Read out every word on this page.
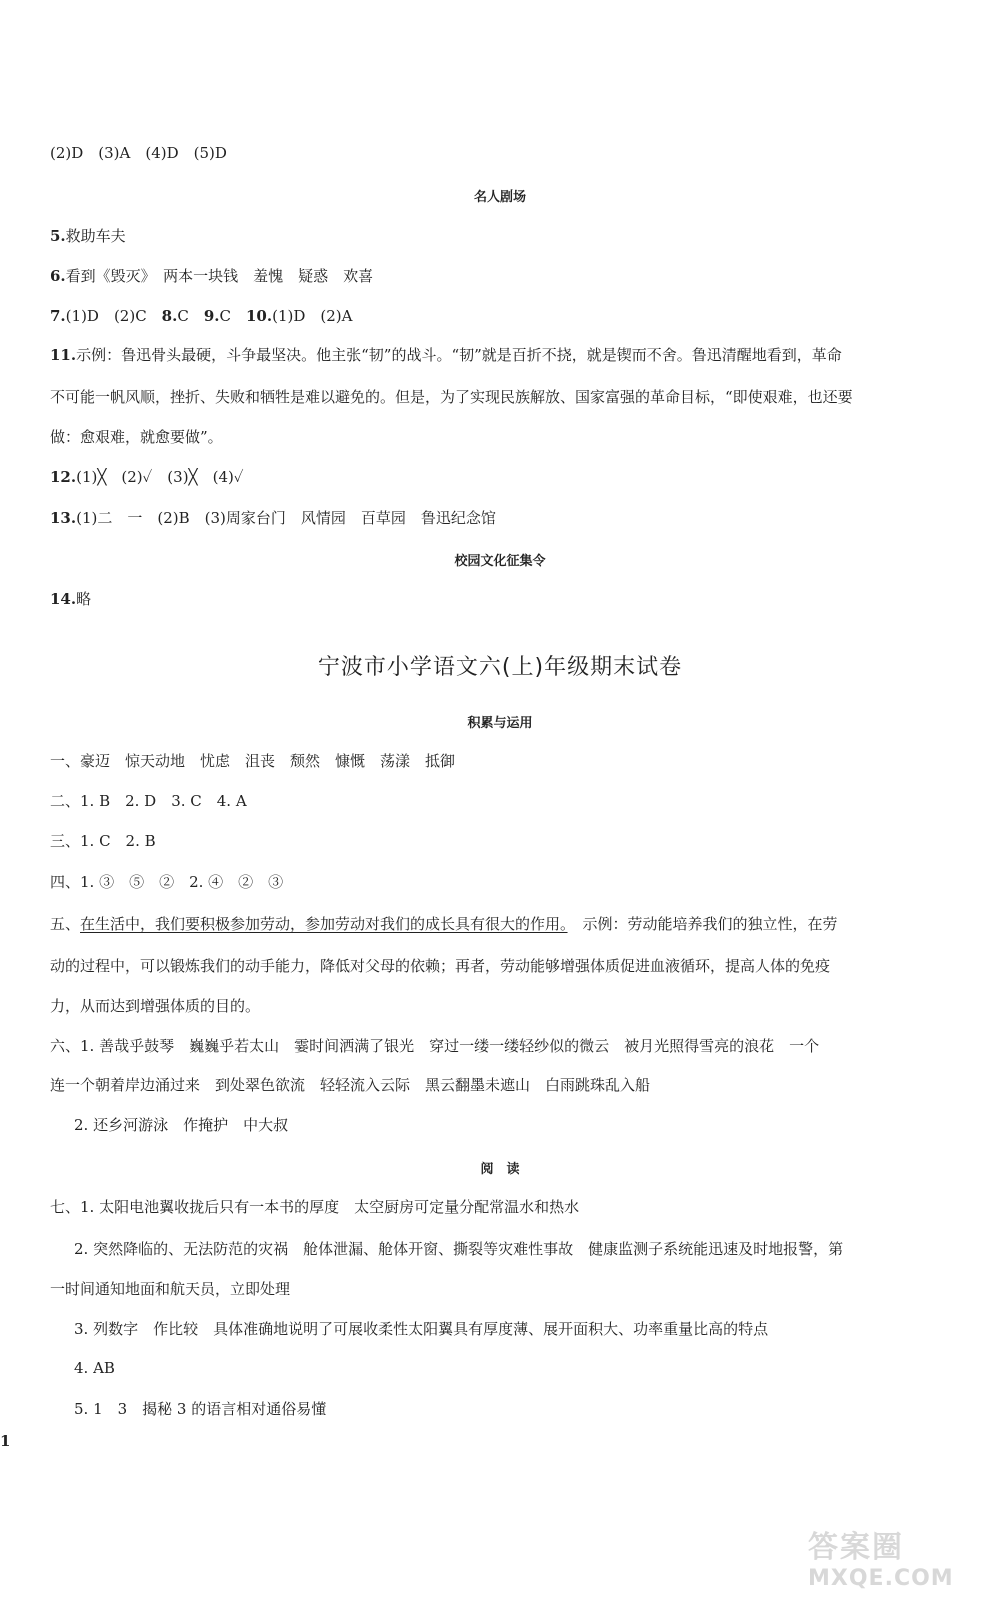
(2)D　(3)A　(4)D　(5)D
名人剧场
5.救助车夫
6.看到《毁灭》　两本一块钱　羞愧　疑惑　欢喜
7.(1)D　(2)C　8.C　9.C　10.(1)D　(2)A
11.示例：鲁迅骨头最硬，斗争最坚决。他主张“韧”的战斗。“韧”就是百折不挠，就是锲而不舍。鲁迅清醒地看到，革命
不可能一帆风顺，挫折、失败和牺牲是难以避免的。但是，为了实现民族解放、国家富强的革命目标，“即使艰难，也还要
做：愈艰难，就愈要做”。
12.(1)╳　(2)✓　(3)╳　(4)✓
13.(1)二　一　(2)B　(3)周家台门　风情园　百草园　鲁迅纪念馆
校园文化征集令
14.略
宁波市小学语文六(上)年级期末试卷
积累与运用
一、豪迈　惊天动地　忧虑　沮丧　颓然　慷慨　荡漾　抵御
二、1. B　2. D　3. C　4. A
三、1. C　2. B
四、1. ③　⑤　②　2. ④　②　③
五、在生活中，我们要积极参加劳动，参加劳动对我们的成长具有很大的作用。　示例：劳动能培养我们的独立性，在劳
动的过程中，可以锻炼我们的动手能力，降低对父母的依赖；再者，劳动能够增强体质促进血液循环，提高人体的免疫
力，从而达到增强体质的目的。
六、1. 善哉乎鼓琴　巍巍乎若太山　霎时间洒满了银光　穿过一缕一缕轻纱似的微云　被月光照得雪亮的浪花　一个
连一个朝着岸边涌过来　到处翠色欲流　轻轻流入云际　黑云翻墨未遮山　白雨跳珠乱入船
2. 还乡河游泳　作掩护　中大叔
阅　读
七、1. 太阳电池翼收拢后只有一本书的厚度　太空厨房可定量分配常温水和热水
2. 突然降临的、无法防范的灾祸　舱体泄漏、舱体开窗、撕裂等灾难性事故　健康监测子系统能迅速及时地报警，第
一时间通知地面和航天员，立即处理
3. 列数字　作比较　具体准确地说明了可展收柔性太阳翼具有厚度薄、展开面积大、功率重量比高的特点
4. AB
5. 1　3　揭秘 3 的语言相对通俗易懂
1
答案圈
MXQE.COM
